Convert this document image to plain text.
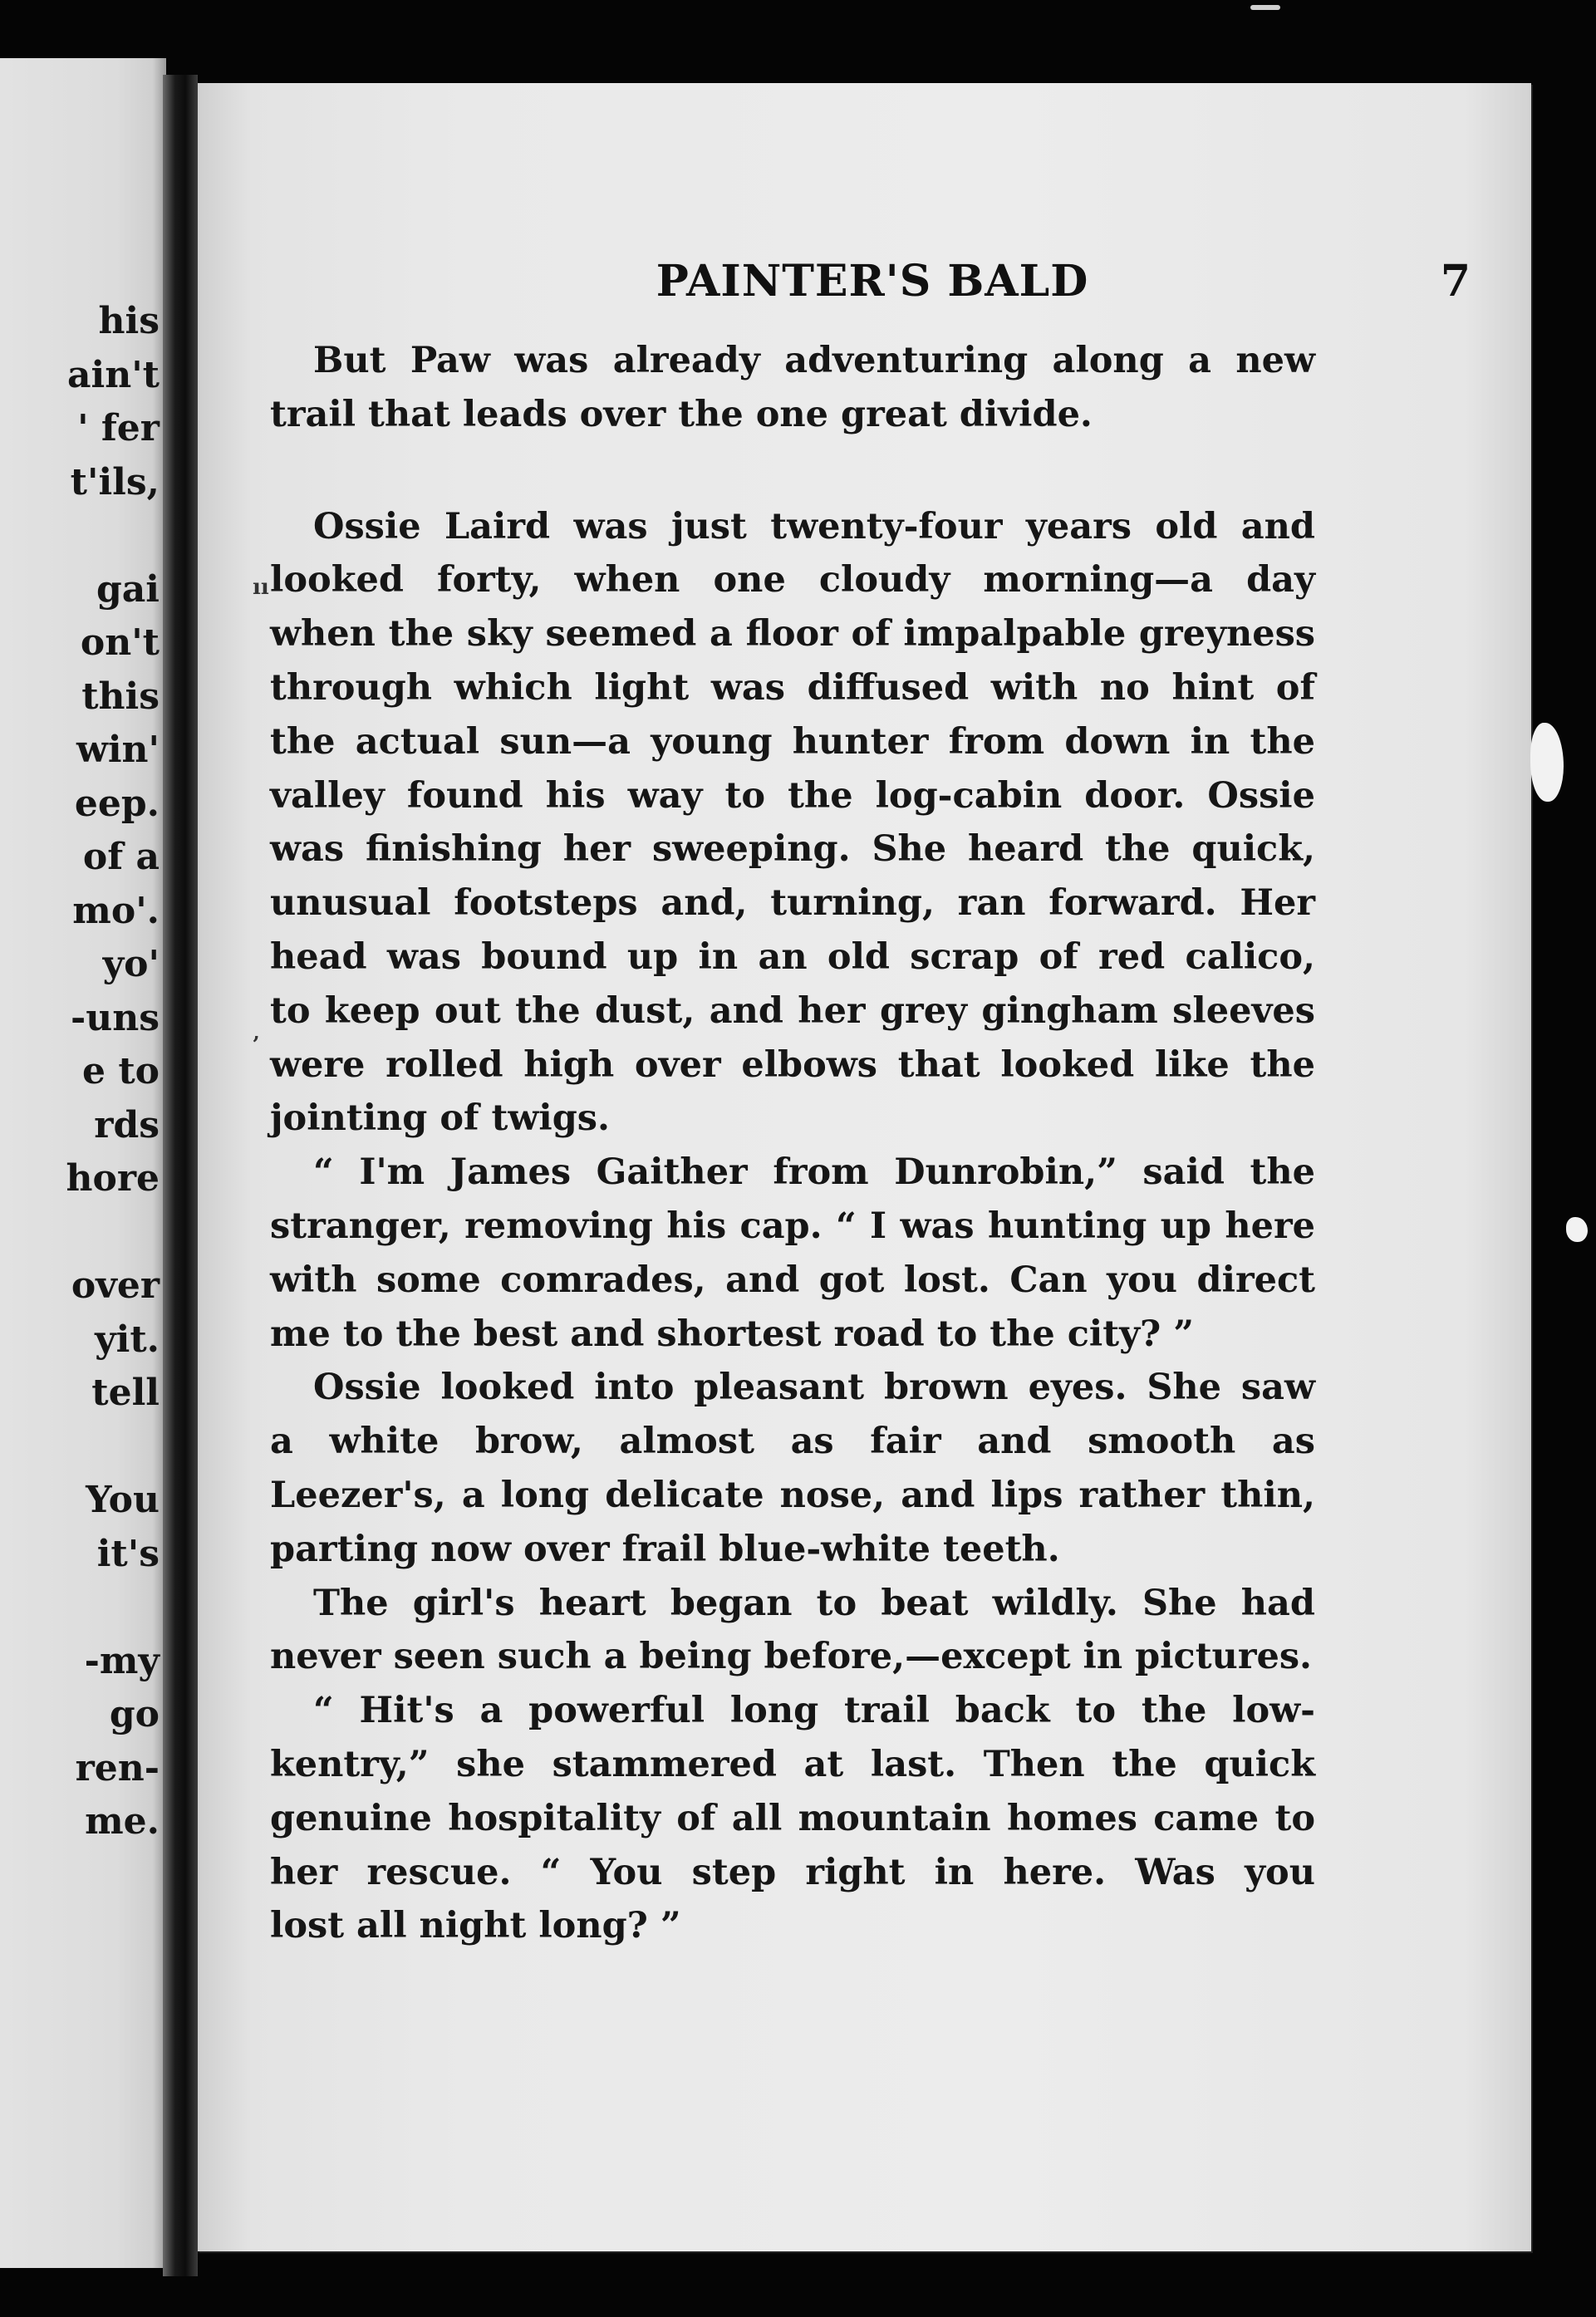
his
ain't
' fer
t'ils,
gai
on't
this
win'
eep.
of a
mo'.
yo'
-uns
e to
rds
hore
over
yit.
tell
You
it's
-my
go
ren-
me.
PAINTER'S BALD	7
But Paw was already adventuring along a new
trail that leads over the one great divide.
Ossie Laird was just twenty-four years old and
looked forty, when one cloudy morning—a day
when the sky seemed a floor of impalpable greyness
through which light was diffused with no hint of
the actual sun—a young hunter from down in the
valley found his way to the log-cabin door. Ossie
was finishing her sweeping. She heard the quick,
unusual footsteps and, turning, ran forward. Her
head was bound up in an old scrap of red calico,
to keep out the dust, and her grey gingham sleeves
were rolled high over elbows that looked like the
jointing of twigs.
“ I'm James Gaither from Dunrobin,” said the
stranger, removing his cap. “ I was hunting up here
with some comrades, and got lost. Can you direct
me to the best and shortest road to the city? ”
Ossie looked into pleasant brown eyes. She saw
a white brow, almost as fair and smooth as
Leezer's, a long delicate nose, and lips rather thin,
parting now over frail blue-white teeth.
The girl's heart began to beat wildly. She had
never seen such a being before,—except in pictures.
“ Hit's a powerful long trail back to the low-
kentry,” she stammered at last. Then the quick
genuine hospitality of all mountain homes came to
her rescue. “ You step right in here. Was you
lost all night long? ”
ıı
‚
